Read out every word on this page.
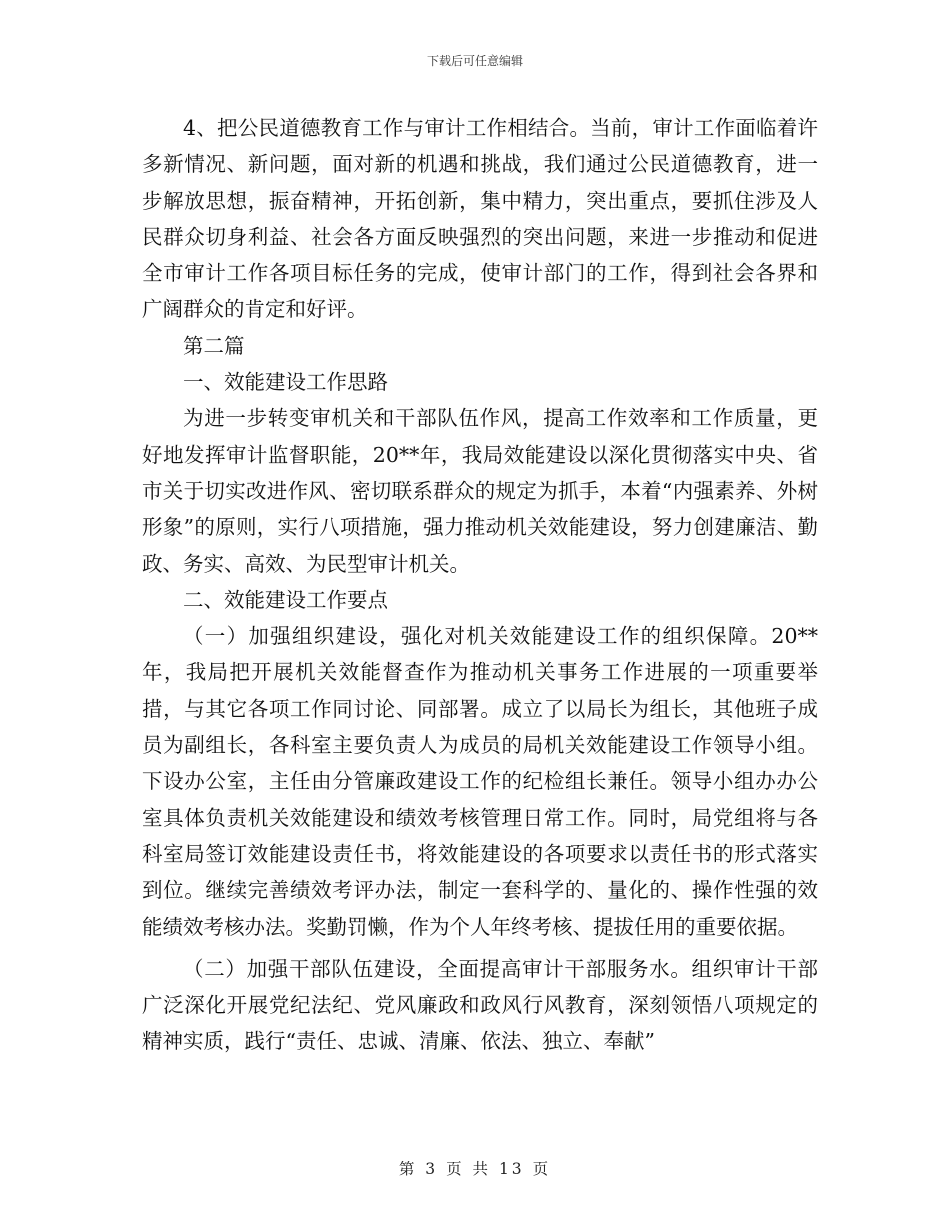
下载后可任意编辑

4、把公民道德教育工作与审计工作相结合。当前，审计工作面临着许多新情况、新问题，面对新的机遇和挑战，我们通过公民道德教育，进一步解放思想，振奋精神，开拓创新，集中精力，突出重点，要抓住涉及人民群众切身利益、社会各方面反映强烈的突出问题，来进一步推动和促进全市审计工作各项目标任务的完成，使审计部门的工作，得到社会各界和广阔群众的肯定和好评。

第二篇

一、效能建设工作思路

为进一步转变审机关和干部队伍作风，提高工作效率和工作质量，更好地发挥审计监督职能，20**年，我局效能建设以深化贯彻落实中央、省市关于切实改进作风、密切联系群众的规定为抓手，本着“内强素养、外树形象”的原则，实行八项措施，强力推动机关效能建设，努力创建廉洁、勤政、务实、高效、为民型审计机关。

二、效能建设工作要点

（一）加强组织建设，强化对机关效能建设工作的组织保障。20**年，我局把开展机关效能督查作为推动机关事务工作进展的一项重要举措，与其它各项工作同讨论、同部署。成立了以局长为组长，其他班子成员为副组长，各科室主要负责人为成员的局机关效能建设工作领导小组。下设办公室，主任由分管廉政建设工作的纪检组长兼任。领导小组办办公室具体负责机关效能建设和绩效考核管理日常工作。同时，局党组将与各科室局签订效能建设责任书，将效能建设的各项要求以责任书的形式落实到位。继续完善绩效考评办法，制定一套科学的、量化的、操作性强的效能绩效考核办法。奖勤罚懒，作为个人年终考核、提拔任用的重要依据。

（二）加强干部队伍建设，全面提高审计干部服务水。组织审计干部广泛深化开展党纪法纪、党风廉政和政风行风教育，深刻领悟八项规定的精神实质，践行“责任、忠诚、清廉、依法、独立、奉献”

第 3 页 共 13 页
